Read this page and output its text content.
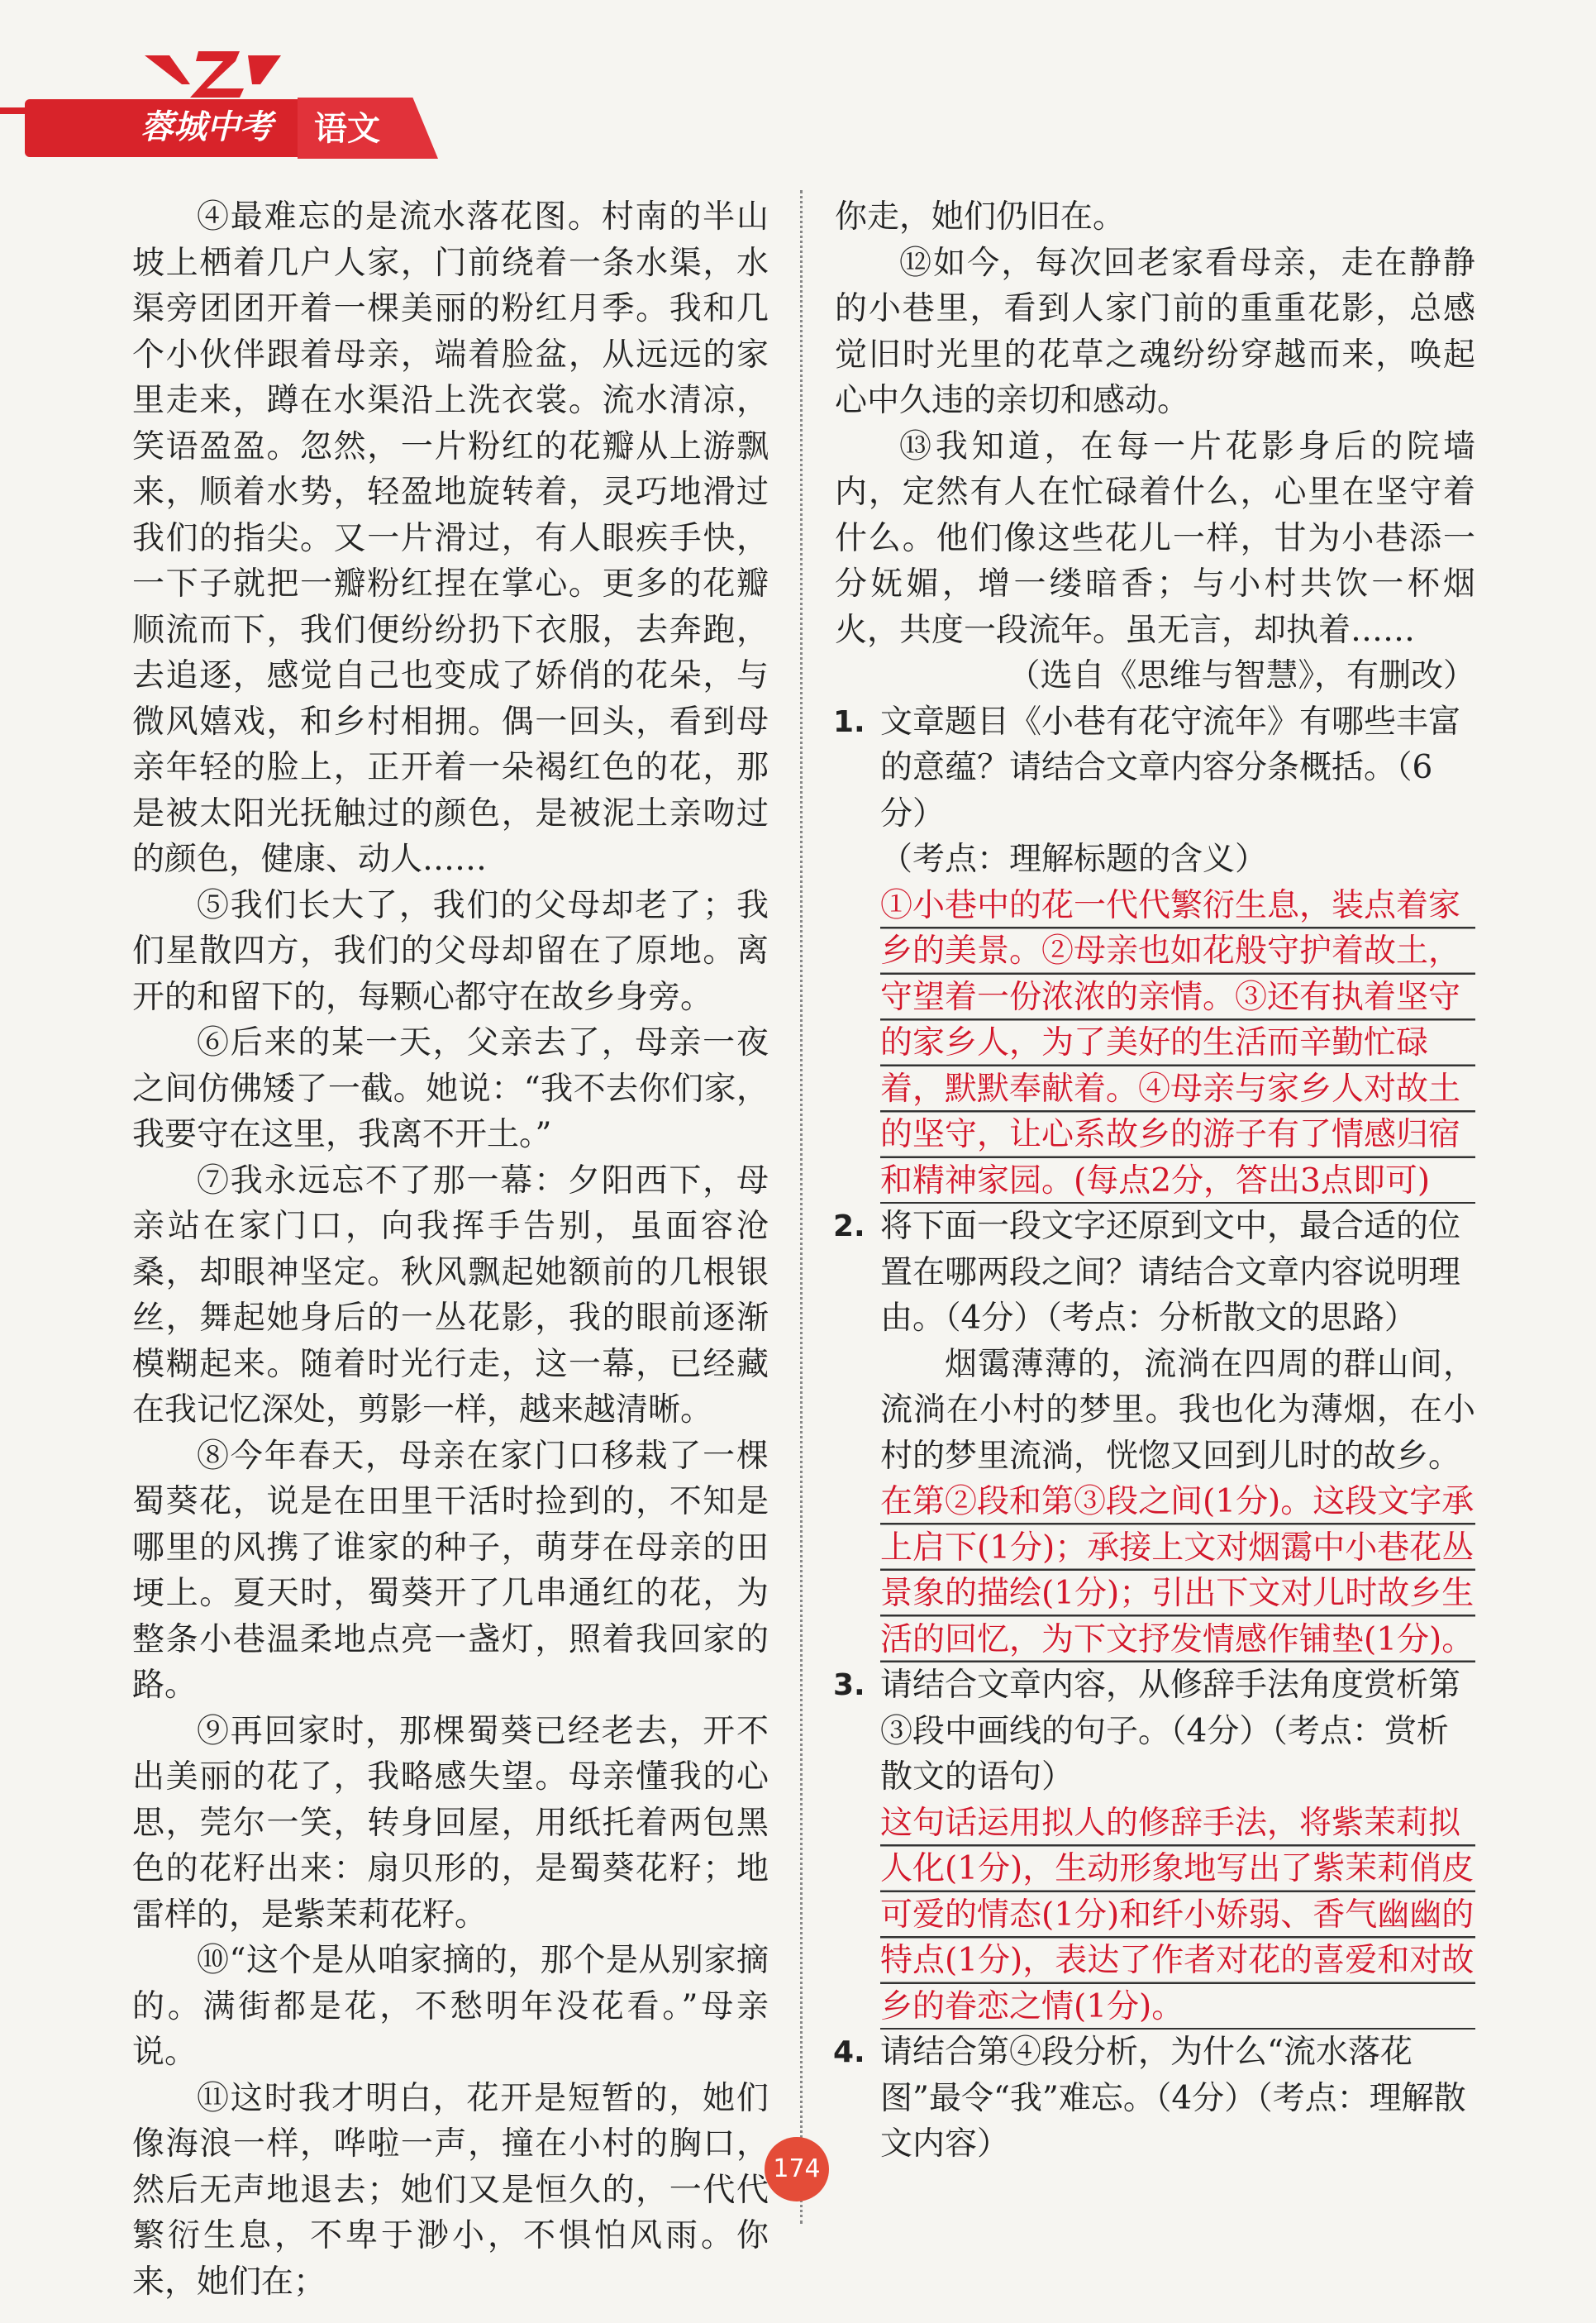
蓉城中考	语文

④最难忘的是流水落花图。村南的半山坡上栖着几户人家，门前绕着一条水渠，水渠旁团团开着一棵美丽的粉红月季。我和几个小伙伴跟着母亲，端着脸盆，从远远的家里走来，蹲在水渠沿上洗衣裳。流水清凉，笑语盈盈。忽然，一片粉红的花瓣从上游飘来，顺着水势，轻盈地旋转着，灵巧地滑过我们的指尖。又一片滑过，有人眼疾手快，一下子就把一瓣粉红捏在掌心。更多的花瓣顺流而下，我们便纷纷扔下衣服，去奔跑，去追逐，感觉自己也变成了娇俏的花朵，与微风嬉戏，和乡村相拥。偶一回头，看到母亲年轻的脸上，正开着一朵褐红色的花，那是被太阳光抚触过的颜色，是被泥土亲吻过的颜色，健康、动人……

⑤我们长大了，我们的父母却老了；我们星散四方，我们的父母却留在了原地。离开的和留下的，每颗心都守在故乡身旁。

⑥后来的某一天，父亲去了，母亲一夜之间仿佛矮了一截。她说：“我不去你们家，我要守在这里，我离不开土。”

⑦我永远忘不了那一幕：夕阳西下，母亲站在家门口，向我挥手告别，虽面容沧桑，却眼神坚定。秋风飘起她额前的几根银丝，舞起她身后的一丛花影，我的眼前逐渐模糊起来。随着时光行走，这一幕，已经藏在我记忆深处，剪影一样，越来越清晰。

⑧今年春天，母亲在家门口移栽了一棵蜀葵花，说是在田里干活时捡到的，不知是哪里的风携了谁家的种子，萌芽在母亲的田埂上。夏天时，蜀葵开了几串通红的花，为整条小巷温柔地点亮一盏灯，照着我回家的路。

⑨再回家时，那棵蜀葵已经老去，开不出美丽的花了，我略感失望。母亲懂我的心思，莞尔一笑，转身回屋，用纸托着两包黑色的花籽出来：扇贝形的，是蜀葵花籽；地雷样的，是紫茉莉花籽。

⑩“这个是从咱家摘的，那个是从别家摘的。满街都是花，不愁明年没花看。”母亲说。

⑪这时我才明白，花开是短暂的，她们像海浪一样，哗啦一声，撞在小村的胸口，然后无声地退去；她们又是恒久的，一代代繁衍生息，不卑于渺小，不惧怕风雨。你来，她们在；

你走，她们仍旧在。

⑫如今，每次回老家看母亲，走在静静的小巷里，看到人家门前的重重花影，总感觉旧时光里的花草之魂纷纷穿越而来，唤起心中久违的亲切和感动。

⑬我知道，在每一片花影身后的院墙内，定然有人在忙碌着什么，心里在坚守着什么。他们像这些花儿一样，甘为小巷添一分妩媚，增一缕暗香；与小村共饮一杯烟火，共度一段流年。虽无言，却执着……

（选自《思维与智慧》，有删改）

1. 文章题目《小巷有花守流年》有哪些丰富的意蕴？请结合文章内容分条概括。（6分）

（考点：理解标题的含义）

①小巷中的花一代代繁衍生息，装点着家乡的美景。②母亲也如花般守护着故土，守望着一份浓浓的亲情。③还有执着坚守的家乡人，为了美好的生活而辛勤忙碌着，默默奉献着。④母亲与家乡人对故土的坚守，让心系故乡的游子有了情感归宿和精神家园。(每点2分，答出3点即可)

2. 将下面一段文字还原到文中，最合适的位置在哪两段之间？请结合文章内容说明理由。（4分）（考点：分析散文的思路）

烟霭薄薄的，流淌在四周的群山间，流淌在小村的梦里。我也化为薄烟，在小村的梦里流淌，恍惚又回到儿时的故乡。

在第②段和第③段之间(1分)。这段文字承上启下(1分)；承接上文对烟霭中小巷花丛景象的描绘(1分)；引出下文对儿时故乡生活的回忆，为下文抒发情感作铺垫(1分)。

3. 请结合文章内容，从修辞手法角度赏析第③段中画线的句子。（4分）（考点：赏析散文的语句）

这句话运用拟人的修辞手法，将紫茉莉拟人化(1分)，生动形象地写出了紫茉莉俏皮可爱的情态(1分)和纤小娇弱、香气幽幽的特点(1分)，表达了作者对花的喜爱和对故乡的眷恋之情(1分)。

4. 请结合第④段分析，为什么“流水落花图”最令“我”难忘。（4分）（考点：理解散文内容）

174
